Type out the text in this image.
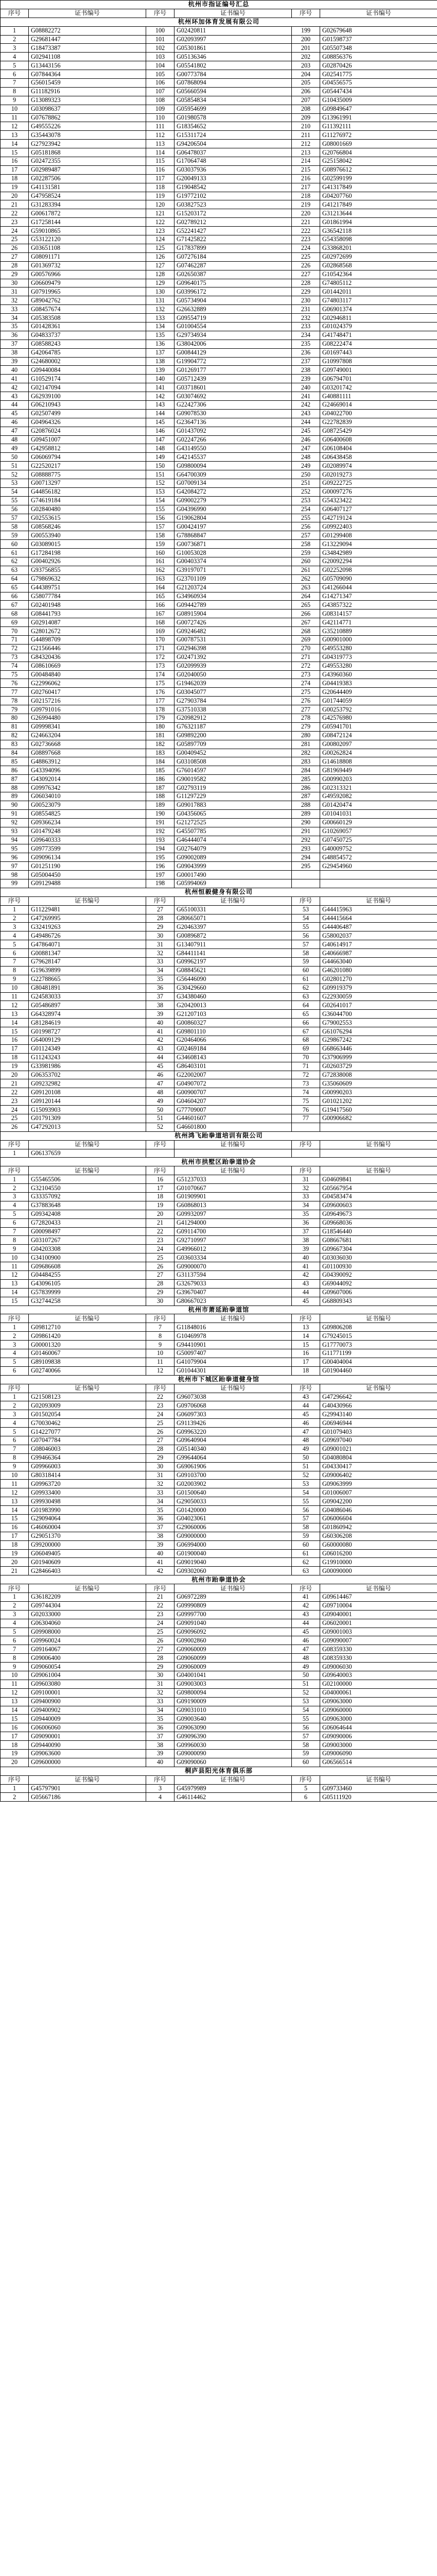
杭州市指证编号汇总					
序号	证书编号	序号	证书编号	序号	证书编号
杭州环加体育发展有限公司					
1	G08882272	100	G02420811	199	G02679648
2	G29681447	101	G02093997	200	G01598737
3	G18473387	102	G05301861	201	G05507348
4	G02941108	103	G05136346	202	G08856376
5	G13443156	104	G05541802	203	G02870426
6	G07844364	105	G00773784	204	G02541775
7	G56015459	106	G07868094	205	G04556575
8	G11182916	107	G05660594	206	G05447434
9	G13089323	108	G05854834	207	G10435009
10	G03098637	109	G05954699	208	G09849647
11	G07678862	110	G01980578	209	G13961991
12	G49555226	111	G18354652	210	G11392111
13	G35443078	112	G15311724	211	G11276972
14	G27923942	113	G94206504	212	G08001669
15	G05181868	114	G06478037	213	G20766804
16	G02472355	115	G17064748	214	G25158042
17	G02989487	116	G03037936	215	G08976612
18	G02287506	117	G20049133	216	G02599199
19	G41131581	118	G19048542	217	G41317849
20	G47958524	119	G19772102	218	G04207760
21	G31283394	120	G03827523	219	G41217849
22	G00617872	121	G15203172	220	G31213644
23	G17258144	122	G02789212	221	G01861994
24	G59010865	123	G52241427	222	G36542118
25	G53122120	124	G71425822	223	G54358098
26	G03651108	125	G17837899	224	G33868201
27	G08091171	126	G07276184	225	G02972699
28	G01369732	127	G07462287	226	G02868568
29	G00576966	128	G02650387	227	G10542364
30	G06609479	129	G09640175	228	G74805112
31	G07919965	130	G03996172	229	G01442011
32	G89042762	131	G05734904	230	G74803117
33	G08457674	132	G26632889	231	G06901374
34	G05383508	133	G09554719	232	G02946811
35	G01428361	134	G01004554	233	G01024379
36	G04833737	135	G29734934	234	G41748471
37	G08588243	136	G38042006	235	G08222474
38	G42064785	137	G00844129	236	G01697443
39	G24680002	138	G19904772	237	G10997808
40	G09440084	139	G01269177	238	G09749001
41	G10529174	140	G05712439	239	G06794701
42	G02147094	141	G03718601	240	G03201742
43	G62939100	142	G03074692	241	G40881111
44	G06210943	143	G22427306	242	G24669014
45	G02507499	144	G09078530	243	G04022700
46	G04964326	145	G23647136	244	G22782839
47	G20876024	146	G01437092	245	G08725429
48	G09451007	147	G02247266	246	G06400608
49	G42958812	148	G43149550	247	G06108404
50	G06069794	149	G42145537	248	G06438458
51	G22520217	150	G09800094	249	G02089974
52	G08888775	151	G64700309	250	G02019273
53	G00713297	152	G07009134	251	G09222725
54	G44856182	153	G42084272	252	G00097276
55	G74619184	154	G09002279	253	G54323422
56	G02840480	155	G04396990	254	G06407127
57	G02553615	156	G19062804	255	G42719124
58	G08568246	157	G00424197	256	G09922403
59	G00553940	158	G78868847	257	G01299408
60	G03089015	159	G00736871	258	G13229094
61	G17284198	160	G10053028	259	G34842989
62	G00402926	161	G00403374	260	G20092294
63	G93756855	162	G39197071	261	G02252098
64	G79869632	163	G23701109	262	G05709090
65	G44389751	164	G21203724	263	G41266044
66	G58077784	165	G34960934	264	G14271347
67	G02401948	166	G09442789	265	G43857322
68	G08441793	167	G08915904	266	G08314157
69	G02914087	168	G00727426	267	G42114771
70	G28012672	169	G09246482	268	G35210889
71	G44898709	170	G00787531	269	G00901000
72	G21566446	171	G02946398	270	G49553280
73	G84320436	172	G02471392	271	G04319773
74	G08610669	173	G02099939	272	G49553280
75	G00484840	174	G02040050	273	G43960360
76	G22996062	175	G19462039	274	G04419383
77	G02760417	176	G03045077	275	G20644409
78	G02157216	177	G27903784	276	G01744059
79	G09791016	178	G37510338	277	G00253792
80	G26994480	179	G20982912	278	G42576980
81	G09998341	180	G76321187	279	G05941701
82	G24663204	181	G09892200	280	G08472124
83	G02736668	182	G05897709	281	G00802097
84	G08897668	183	G00409452	282	G00262824
85	G48863912	184	G03108508	283	G14618808
86	G43394096	185	G76014597	284	G81969449
87	G43092014	186	G90019582	285	G00990203
88	G09976342	187	G02793119	286	G02313321
89	G06034010	188	G11297229	287	G49592082
90	G00523079	189	G09017883	288	G01420474
91	G08554825	190	G04356065	289	G01041031
92	G09366234	191	G21272525	290	G00660129
93	G01479248	192	G45507785	291	G10269057
94	G09640333	193	G46444074	292	G07450725
95	G09773599	194	G02764079	293	G40009752
96	G09096134	195	G09002089	294	G48854572
97	G01251190	196	G09043999	295	G29454960
98	G05004450	197	G00017490		
99	G09129488	198	G05994069		
杭州恒毅健身有限公司					
序号	证书编号	序号	证书编号	序号	证书编号
1	G11229481	27	G65100331	53	G44415963
2	G47269995	28	G80665071	54	G44415664
3	G32419263	29	G20463397	55	G44406487
4	G49486726	30	G00896872	56	G58002037
5	G47864071	31	G13407911	57	G40614917
6	G00881347	32	G84411141	58	G40666987
7	G79628147	33	G09962197	59	G44663040
8	G19639899	34	G08845621	60	G46201080
9	G22788665	35	G56446090	61	G02801270
10	G80481891	36	G30429660	62	G09919379
11	G24583033	37	G34380460	63	G22930059
12	G05486897	38	G20420013	64	G02641017
13	G64328974	39	G21207103	65	G36044700
14	G81284619	40	G00860327	66	G79002553
15	G01998727	41	G09801110	67	G61076294
16	G64009129	42	G20464066	68	G29867242
17	G01124349	43	G02469184	69	G68663446
18	G11243243	44	G34608143	70	G37906999
19	G33981986	45	G86403101	71	G02603729
20	G06353702	46	G22002007	72	G72838008
21	G09232982	47	G04907072	73	G35060609
22	G09120108	48	G00900707	74	G00990203
23	G09120144	49	G04604207	75	G01021202
24	G15093903	50	G77709007	76	G19417560
25	G01791309	51	G44601607	77	G00906682
26	G47292013	52	G46601800		
杭州鸿飞跆拳道培训有限公司					
序号	证书编号	序号	证书编号	序号	证书编号
1	G06137659				
杭州市拱墅区跆拳道协会					
序号	证书编号	序号	证书编号	序号	证书编号
1	G55465506	16	G51237033	31	G04609841
2	G32104550	17	G01070667	32	G05667954
3	G33357092	18	G01909901	33	G04583474
4	G37883648	19	G60868013	34	G09600603
5	G09342408	20	G09932097	35	G09649673
6	G72820433	21	G41294000	36	G09668036
7	G00098497	22	G09114700	37	G18546440
8	G03107267	23	G92710997	38	G08667681
9	G04203308	24	G49966012	39	G09667304
10	G34100900	25	G03603334	40	G03036030
11	G09686608	26	G09000070	41	G01100930
12	G04484255	27	G31137594	42	G04390092
13	G43096105	28	G32679033	43	G69044092
14	G57839999	29	G39670407	44	G09607006
15	G32744258	30	G80667023	45	G68809343
杭州市萧延跆拳道馆					
序号	证书编号	序号	证书编号	序号	证书编号
1	G09812710	7	G11848016	13	G09806208
2	G09861420	8	G10469978	14	G79245015
3	G00001320	9	G94410901	15	G17770073
4	G01460067	10	G50097407	16	G11771199
5	G89109838	11	G41079904	17	G00404004
6	G02740066	12	G01044301	18	G01904460
杭州市下城区跆拳道健身馆					
序号	证书编号	序号	证书编号	序号	证书编号
1	G21508123	22	G96073038	43	G47296642
2	G02093009	23	G09706068	44	G40430966
3	G01502054	24	G06097303	45	G29943140
4	G70030462	25	G91139426	46	G06946944
5	G14227077	26	G09963220	47	G01079403
6	G07047784	27	G09640904	48	G09697040
7	G08046003	28	G05140340	49	G09001021
8	G99466364	29	G99644064	50	G04080804
9	G09966003	30	G69061906	51	G04330417
10	G80318414	31	G09103700	52	G09006402
11	G09963720	32	G02003902	53	G09063999
12	G09933400	33	G01500640	54	G01006007
13	G99930498	34	G29050033	55	G09042200
14	G01983990	35	G01420000	56	G04086046
15	G29094064	36	G04023061	57	G06006604
16	G46060004	37	G29060006	58	G01860942
17	G29051370	38	G09000000	59	G60306208
18	G99200000	39	G06994000	60	G60000080
19	G06049405	40	G01900040	61	G06016200
20	G01940609	41	G09019040	62	G19910000
21	G28466403	42	G09302060	63	G00090000
杭州市跆拳道协会					
序号	证书编号	序号	证书编号	序号	证书编号
1	G36182209	21	G06972289	41	G09614467
2	G09744304	22	G09990809	42	G09710004
3	G02033000	23	G09997700	43	G09040001
4	G06304060	24	G09091040	44	G06020001
5	G09908000	25	G09096092	45	G09001003
6	G09960024	26	G09002860	46	G09090007
7	G09164067	27	G09060009	47	G08359330
8	G09006400	28	G09060099	48	G08359330
9	G09060054	29	G09060009	49	G09006030
10	G09061004	30	G04001041	50	G09640003
11	G09603080	31	G09003003	51	G02100000
12	G09100001	32	G09800094	52	G04000061
13	G09400900	33	G09190009	53	G09063000
14	G09400902	34	G09031010	54	G09060000
15	G09440009	35	G09003640	55	G09063000
16	G06006060	36	G09063090	56	G06064644
17	G09090001	37	G09096390	57	G09090006
18	G09440090	38	G09960030	58	G09003000
19	G09063600	39	G09000090	59	G09006090
20	G09600000	40	G09090060	60	G06566514
桐庐县阳光体育俱乐部					
序号	证书编号	序号	证书编号	序号	证书编号
1	G45797901	3	G45979989	5	G09733460
2	G05667186	4	G46114462	6	G05111920
